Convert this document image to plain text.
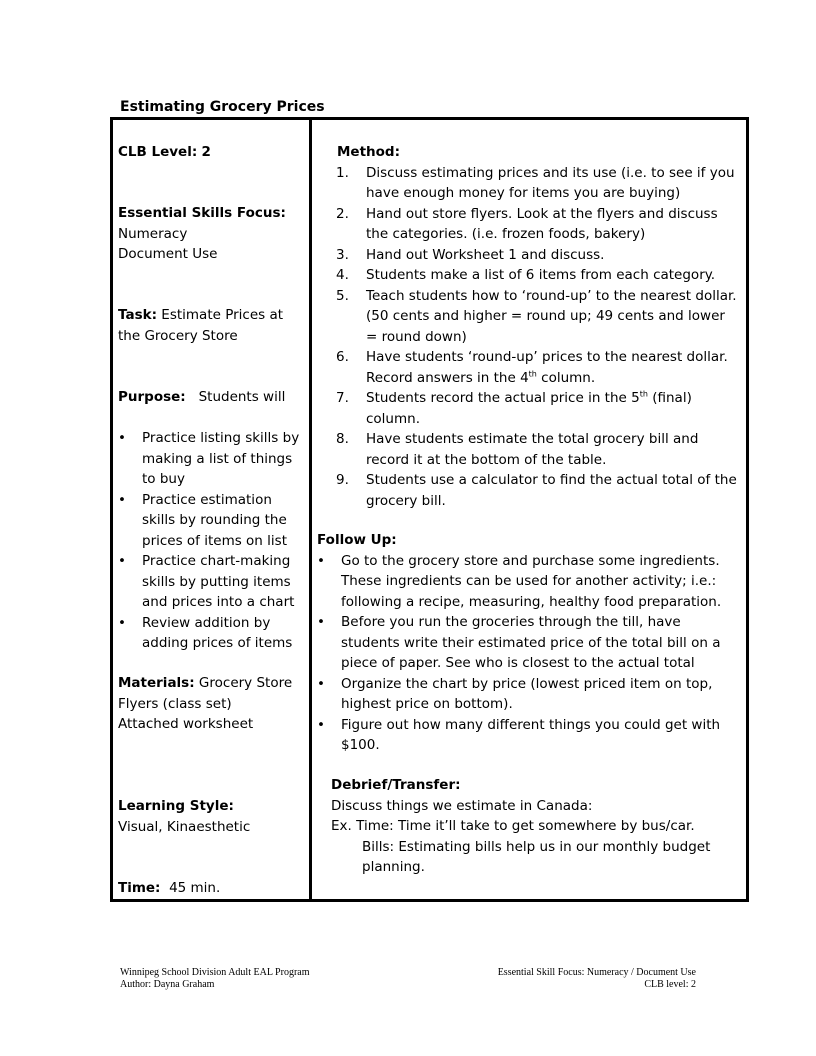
Estimating Grocery Prices
CLB Level: 2
Essential Skills Focus:
Numeracy
Document Use
Task: Estimate Prices at the Grocery Store
Purpose: Students will
• Practice listing skills by making a list of things to buy
• Practice estimation skills by rounding the prices of items on list
• Practice chart-making skills by putting items and prices into a chart
• Review addition by adding prices of items
Materials: Grocery Store Flyers (class set)
Attached worksheet
Learning Style:
Visual, Kinaesthetic
Time: 45 min.
Method:
1. Discuss estimating prices and its use (i.e. to see if you have enough money for items you are buying)
2. Hand out store flyers. Look at the flyers and discuss the categories. (i.e. frozen foods, bakery)
3. Hand out Worksheet 1 and discuss.
4. Students make a list of 6 items from each category.
5. Teach students how to ‘round-up’ to the nearest dollar. (50 cents and higher = round up; 49 cents and lower = round down)
6. Have students ‘round-up’ prices to the nearest dollar. Record answers in the 4th column.
7. Students record the actual price in the 5th (final) column.
8. Have students estimate the total grocery bill and record it at the bottom of the table.
9. Students use a calculator to find the actual total of the grocery bill.
Follow Up:
• Go to the grocery store and purchase some ingredients. These ingredients can be used for another activity; i.e.: following a recipe, measuring, healthy food preparation.
• Before you run the groceries through the till, have students write their estimated price of the total bill on a piece of paper. See who is closest to the actual total
• Organize the chart by price (lowest priced item on top, highest price on bottom).
• Figure out how many different things you could get with $100.
Debrief/Transfer:
Discuss things we estimate in Canada:
Ex. Time: Time it’ll take to get somewhere by bus/car.
Bills: Estimating bills help us in our monthly budget planning.
Winnipeg School Division Adult EAL Program
Author: Dayna Graham
Essential Skill Focus: Numeracy / Document Use
CLB level: 2
